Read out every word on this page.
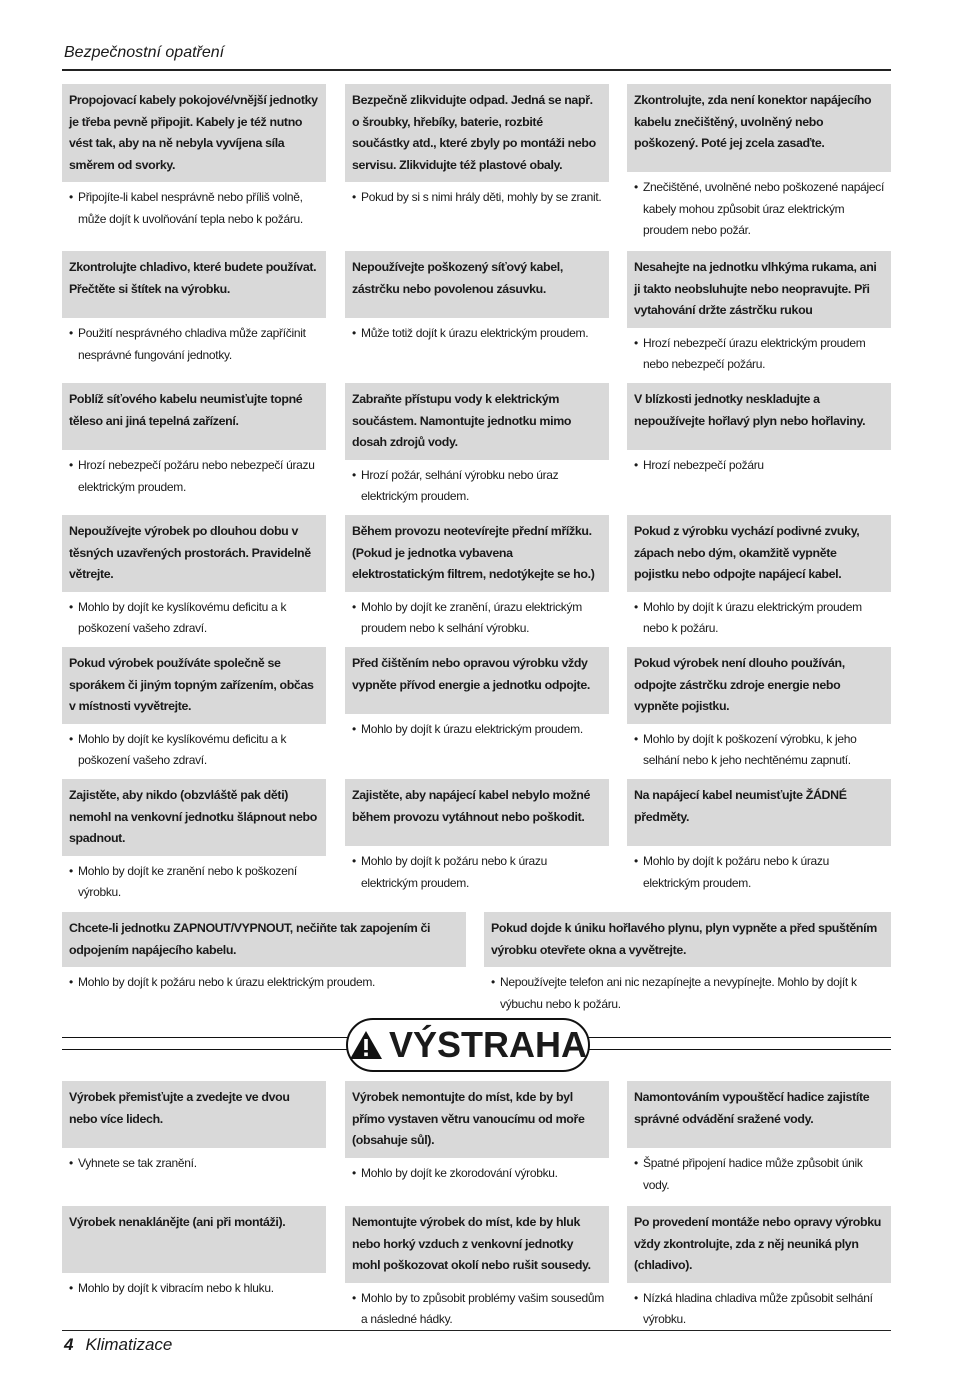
Bezpečnostní opatření
Propojovací kabely pokojové/vnější jednotky je třeba pevně připojit. Kabely je též nutno vést tak, aby na ně nebyla vyvíjena síla směrem od svorky.
• Připojíte-li kabel nesprávně nebo příliš volně, může dojít k uvolňování tepla nebo k požáru.
Bezpečně zlikvidujte odpad. Jedná se např. o šroubky, hřebíky, baterie, rozbité součástky atd., které zbyly po montáži nebo servisu. Zlikvidujte též plastové obaly.
• Pokud by si s nimi hrály děti, mohly by se zranit.
Zkontrolujte, zda není konektor napájecího kabelu znečištěný, uvolněný nebo poškozený. Poté jej zcela zasaďte.
• Znečištěné, uvolněné nebo poškozené napájecí kabely mohou způsobit úraz elektrickým proudem nebo požár.
Zkontrolujte chladivo, které budete používat. Přečtěte si štítek na výrobku.
• Použití nesprávného chladiva může zapříčinit nesprávné fungování jednotky.
Nepoužívejte poškozený síťový kabel, zástrčku nebo povolenou zásuvku.
• Může totiž dojít k úrazu elektrickým proudem.
Nesahejte na jednotku vlhkýma rukama, ani ji takto neobsluhujte nebo neopravujte. Při vytahování držte zástrčku rukou
• Hrozí nebezpečí úrazu elektrickým proudem nebo nebezpečí požáru.
Poblíž síťového kabelu neumisťujte topné těleso ani jiná tepelná zařízení.
• Hrozí nebezpečí požáru nebo nebezpečí úrazu elektrickým proudem.
Zabraňte přístupu vody k elektrickým součástem. Namontujte jednotku mimo dosah zdrojů vody.
• Hrozí požár, selhání výrobku nebo úraz elektrickým proudem.
V blízkosti jednotky neskladujte a nepoužívejte hořlavý plyn nebo hořlaviny.
• Hrozí nebezpečí požáru
Nepoužívejte výrobek po dlouhou dobu v těsných uzavřených prostorách. Pravidelně větrejte.
• Mohlo by dojít ke kyslíkovému deficitu a k poškození vašeho zdraví.
Během provozu neotevírejte přední mřížku. (Pokud je jednotka vybavena elektrostatickým filtrem, nedotýkejte se ho.)
• Mohlo by dojít ke zranění, úrazu elektrickým proudem nebo k selhání výrobku.
Pokud z výrobku vychází podivné zvuky, zápach nebo dým, okamžitě vypněte pojistku nebo odpojte napájecí kabel.
• Mohlo by dojít k úrazu elektrickým proudem nebo k požáru.
Pokud výrobek používáte společně se sporákem či jiným topným zařízením, občas v místnosti vyvětrejte.
• Mohlo by dojít ke kyslíkovému deficitu a k poškození vašeho zdraví.
Před čištěním nebo opravou výrobku vždy vypněte přívod energie a jednotku odpojte.
• Mohlo by dojít k úrazu elektrickým proudem.
Pokud výrobek není dlouho používán, odpojte zástrčku zdroje energie nebo vypněte pojistku.
• Mohlo by dojít k poškození výrobku, k jeho selhání nebo k jeho nechtěnému zapnutí.
Zajistěte, aby nikdo (obzvláště pak děti) nemohl na venkovní jednotku šlápnout nebo spadnout.
• Mohlo by dojít ke zranění nebo k poškození výrobku.
Zajistěte, aby napájecí kabel nebylo možné během provozu vytáhnout nebo poškodit.
• Mohlo by dojít k požáru nebo k úrazu elektrickým proudem.
Na napájecí kabel neumisťujte ŽÁDNÉ předměty.
• Mohlo by dojít k požáru nebo k úrazu elektrickým proudem.
Chcete-li jednotku ZAPNOUT/VYPNOUT, nečiňte tak zapojením či odpojením napájecího kabelu.
• Mohlo by dojít k požáru nebo k úrazu elektrickým proudem.
Pokud dojde k úniku hořlavého plynu, plyn vypněte a před spuštěním výrobku otevřete okna a vyvětrejte.
• Nepoužívejte telefon ani nic nezapínejte a nevypínejte. Mohlo by dojít k výbuchu nebo k požáru.
VÝSTRAHA
Výrobek přemisťujte a zvedejte ve dvou nebo více lidech.
• Vyhnete se tak zranění.
Výrobek nemontujte do míst, kde by byl přímo vystaven větru vanoucímu od moře (obsahuje sůl).
• Mohlo by dojít ke zkorodování výrobku.
Namontováním vypouštěcí hadice zajistíte správné odvádění sražené vody.
• Špatné připojení hadice může způsobit únik vody.
Výrobek nenaklánějte (ani při montáži).
• Mohlo by dojít k vibracím nebo k hluku.
Nemontujte výrobek do míst, kde by hluk nebo horký vzduch z venkovní jednotky mohl poškozovat okolí nebo rušit sousedy.
• Mohlo by to způsobit problémy vašim sousedům a následné hádky.
Po provedení montáže nebo opravy výrobku vždy zkontrolujte, zda z něj neuniká plyn (chladivo).
• Nízká hladina chladiva může způsobit selhání výrobku.
4 Klimatizace
